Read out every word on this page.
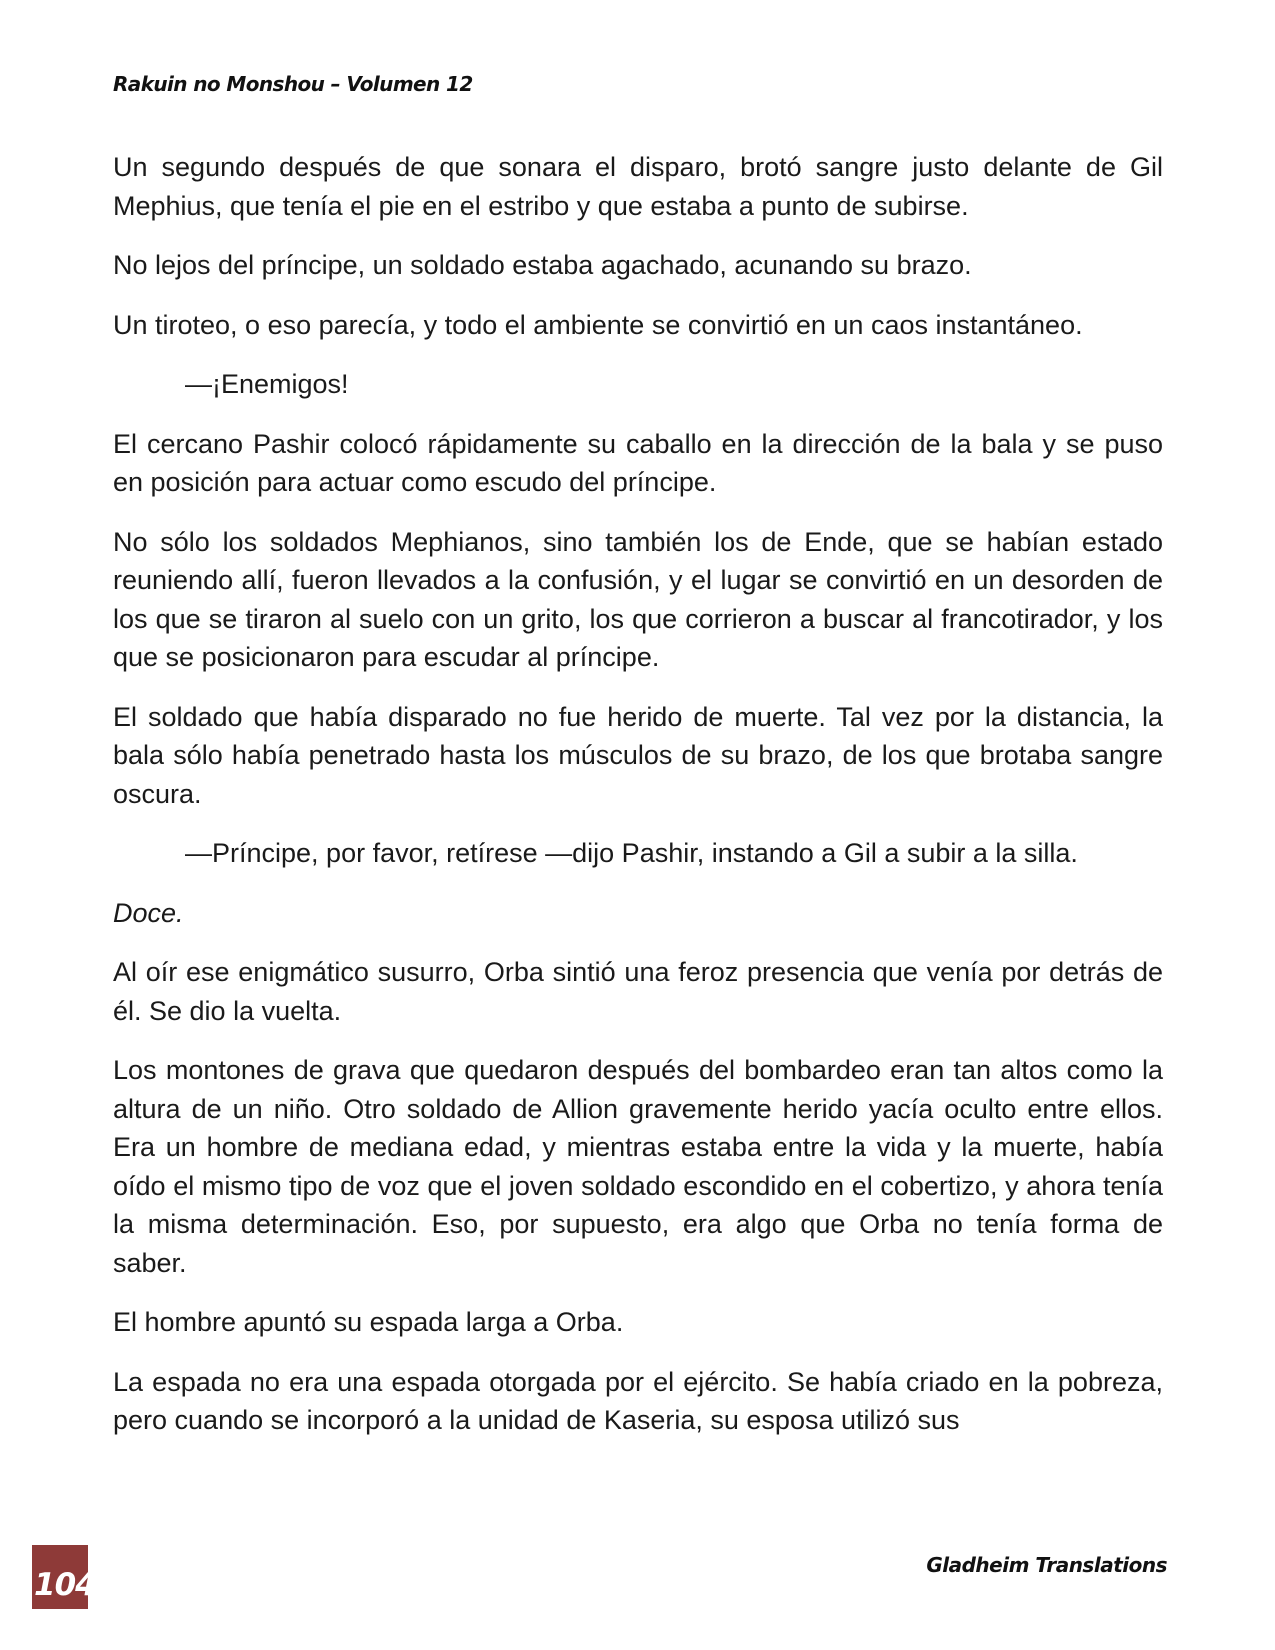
Rakuin no Monshou – Volumen 12

Un segundo después de que sonara el disparo, brotó sangre justo delante de Gil Mephius, que tenía el pie en el estribo y que estaba a punto de subirse.

No lejos del príncipe, un soldado estaba agachado, acunando su brazo.

Un tiroteo, o eso parecía, y todo el ambiente se convirtió en un caos instantáneo.

—¡Enemigos!

El cercano Pashir colocó rápidamente su caballo en la dirección de la bala y se puso en posición para actuar como escudo del príncipe.

No sólo los soldados Mephianos, sino también los de Ende, que se habían estado reuniendo allí, fueron llevados a la confusión, y el lugar se convirtió en un desorden de los que se tiraron al suelo con un grito, los que corrieron a buscar al francotirador, y los que se posicionaron para escudar al príncipe.

El soldado que había disparado no fue herido de muerte. Tal vez por la distancia, la bala sólo había penetrado hasta los músculos de su brazo, de los que brotaba sangre oscura.

—Príncipe, por favor, retírese —dijo Pashir, instando a Gil a subir a la silla.

Doce.

Al oír ese enigmático susurro, Orba sintió una feroz presencia que venía por detrás de él. Se dio la vuelta.

Los montones de grava que quedaron después del bombardeo eran tan altos como la altura de un niño. Otro soldado de Allion gravemente herido yacía oculto entre ellos. Era un hombre de mediana edad, y mientras estaba entre la vida y la muerte, había oído el mismo tipo de voz que el joven soldado escondido en el cobertizo, y ahora tenía la misma determinación. Eso, por supuesto, era algo que Orba no tenía forma de saber.

El hombre apuntó su espada larga a Orba.

La espada no era una espada otorgada por el ejército. Se había criado en la pobreza, pero cuando se incorporó a la unidad de Kaseria, su esposa utilizó sus

104
Gladheim Translations
